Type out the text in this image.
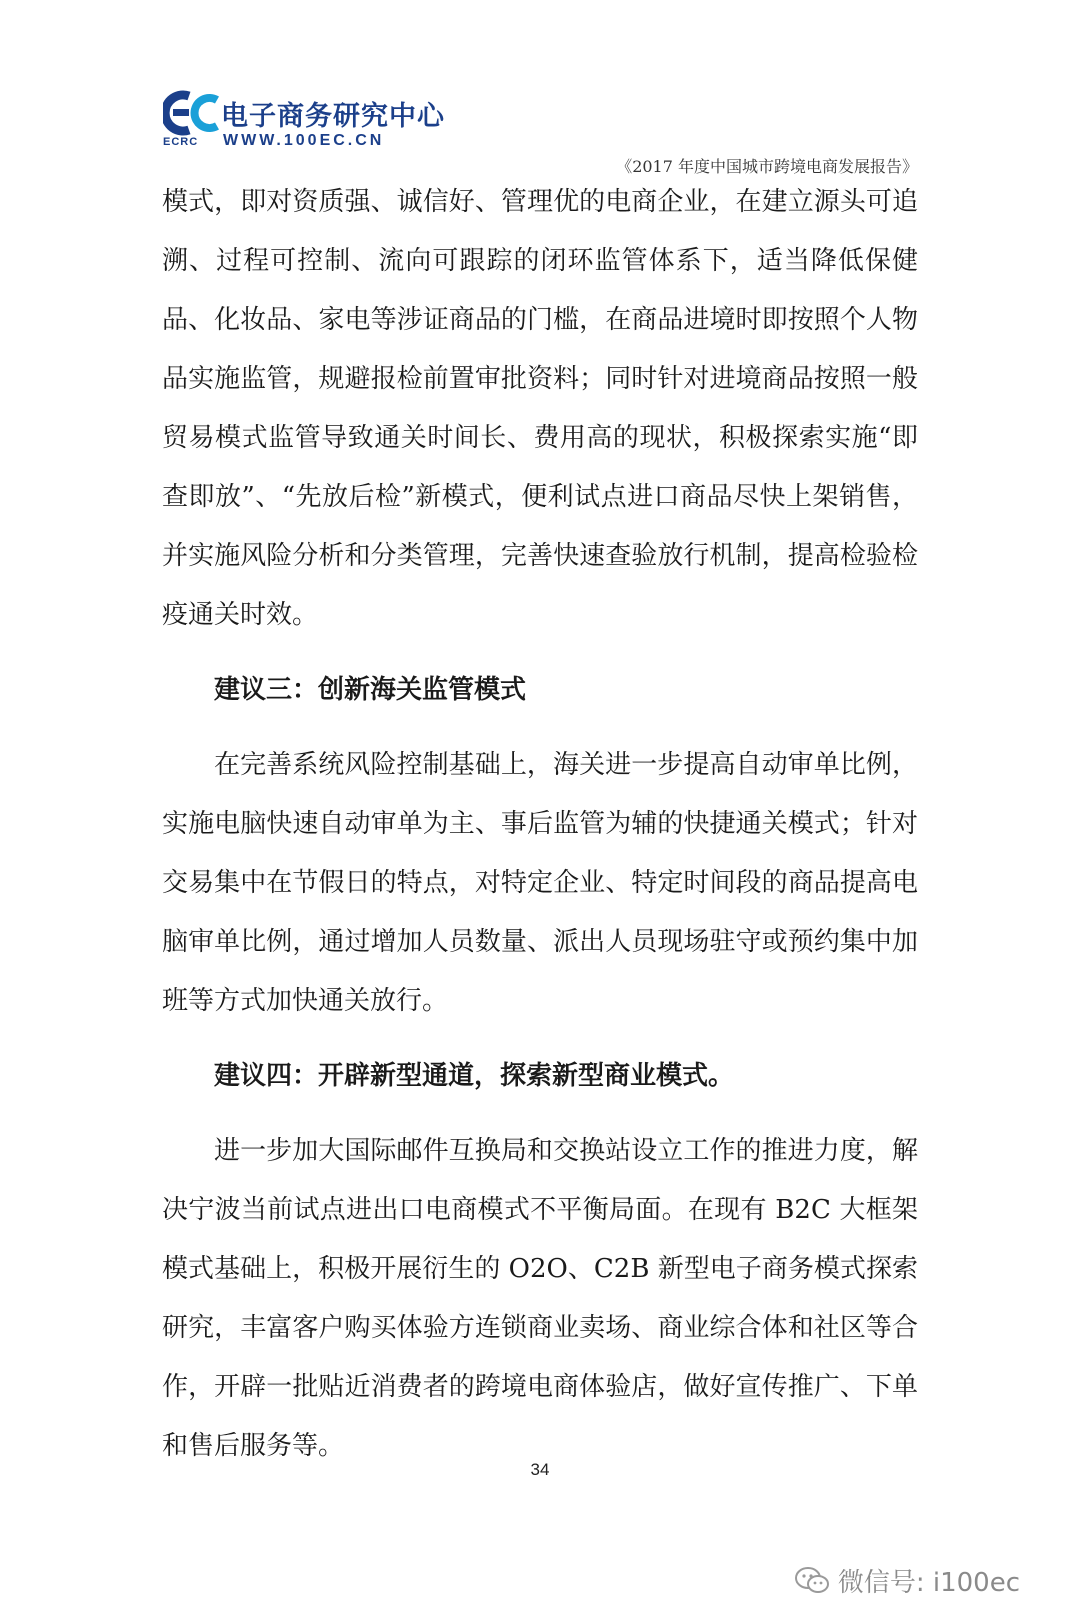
ECRC
电子商务研究中心
WWW.100EC.CN
《2017 年度中国城市跨境电商发展报告》

模式，即对资质强、诚信好、管理优的电商企业，在建立源头可追溯、过程可控制、流向可跟踪的闭环监管体系下，适当降低保健品、化妆品、家电等涉证商品的门槛，在商品进境时即按照个人物品实施监管，规避报检前置审批资料；同时针对进境商品按照一般贸易模式监管导致通关时间长、费用高的现状，积极探索实施“即查即放”、“先放后检”新模式，便利试点进口商品尽快上架销售，并实施风险分析和分类管理，完善快速查验放行机制，提高检验检疫通关时效。

建议三：创新海关监管模式

在完善系统风险控制基础上，海关进一步提高自动审单比例，实施电脑快速自动审单为主、事后监管为辅的快捷通关模式；针对交易集中在节假日的特点，对特定企业、特定时间段的商品提高电脑审单比例，通过增加人员数量、派出人员现场驻守或预约集中加班等方式加快通关放行。

建议四：开辟新型通道，探索新型商业模式。

进一步加大国际邮件互换局和交换站设立工作的推进力度，解决宁波当前试点进出口电商模式不平衡局面。在现有 B2C 大框架模式基础上，积极开展衍生的 O2O、C2B 新型电子商务模式探索研究，丰富客户购买体验方连锁商业卖场、商业综合体和社区等合作，开辟一批贴近消费者的跨境电商体验店，做好宣传推广、下单和售后服务等。

34
微信号: i100ec
